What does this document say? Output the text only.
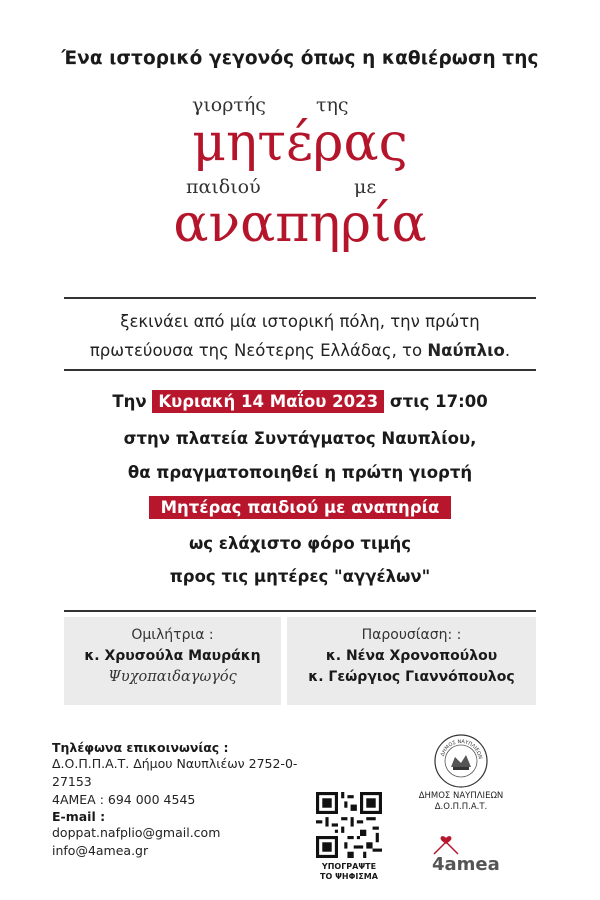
Ένα ιστορικό γεγονός όπως η καθιέρωση της
γιορτής	της
μητέρας
παιδιού	με
αναπηρία
ξεκινάει από μία ιστορική πόλη, την πρώτη
πρωτεύουσα της Νεότερης Ελλάδας, το Ναύπλιο.
Την Κυριακή 14 Μαΐου 2023 στις 17:00
στην πλατεία Συντάγματος Ναυπλίου,
θα πραγματοποιηθεί η πρώτη γιορτή
Μητέρας παιδιού με αναπηρία
ως ελάχιστο φόρο τιμής
προς τις μητέρες "αγγέλων"
Ομιλήτρια :
κ. Χρυσούλα Μαυράκη
Ψυχοπαιδαγωγός
Παρουσίαση: :
κ. Νένα Χρονοπούλου
κ. Γεώργιος Γιαννόπουλος
Τηλέφωνα επικοινωνίας :
Δ.Ο.Π.Π.Α.Τ. Δήμου Ναυπλιέων 2752-0-27153
4ΑΜΕΑ : 694 000 4545
E-mail :
doppat.nafplio@gmail.com
info@4amea.gr
ΥΠΟΓΡΑΨΤΕ
ΤΟ ΨΗΦΙΣΜΑ
ΔΗΜΟΣ ΝΑΥΠΛΙΕΩΝ
ΔΗΜΟΣ ΝΑΥΠΛΙΕΩΝ
Δ.Ο.Π.Π.Α.Τ.
4amea
